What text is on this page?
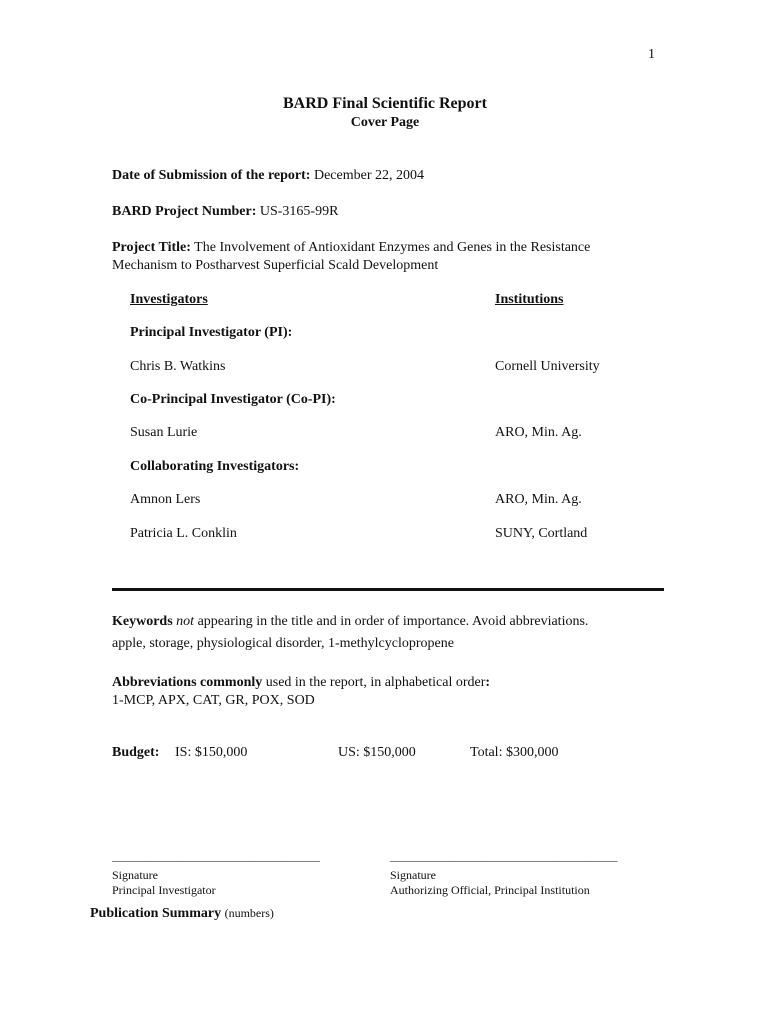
1
BARD Final Scientific Report
Cover Page
Date of Submission of the report: December 22, 2004
BARD Project Number: US-3165-99R
Project Title: The Involvement of Antioxidant Enzymes and Genes in the Resistance
Mechanism to Postharvest Superficial Scald Development
Investigators	Institutions
Principal Investigator (PI):
Chris B. Watkins	Cornell University
Co-Principal Investigator (Co-PI):
Susan Lurie	ARO, Min. Ag.
Collaborating Investigators:
Amnon Lers	ARO, Min. Ag.
Patricia L. Conklin	SUNY, Cortland
Keywords not appearing in the title and in order of importance. Avoid abbreviations.
apple, storage, physiological disorder, 1-methylcyclopropene
Abbreviations commonly used in the report, in alphabetical order:
1-MCP, APX, CAT, GR, POX, SOD
Budget: IS: $150,000	US: $150,000	Total: $300,000
________________________________	___________________________________
Signature
Principal Investigator
Signature
Authorizing Official, Principal Institution
Publication Summary (numbers)
